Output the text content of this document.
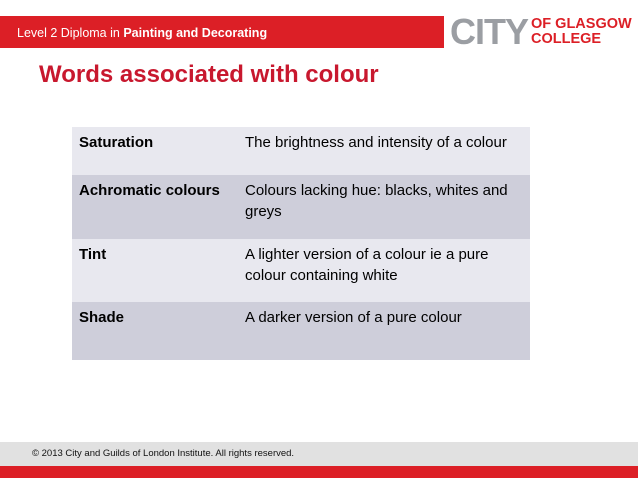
Level 2 Diploma in Painting and Decorating	CITY OF GLASGOW
COLLEGE
Words associated with colour
Saturation	The brightness and intensity of a colour
Achromatic colours	Colours lacking hue: blacks, whites and greys
Tint	A lighter version of a colour ie a pure colour containing white
Shade	A darker version of a pure colour
© 2013 City and Guilds of London Institute. All rights reserved.
